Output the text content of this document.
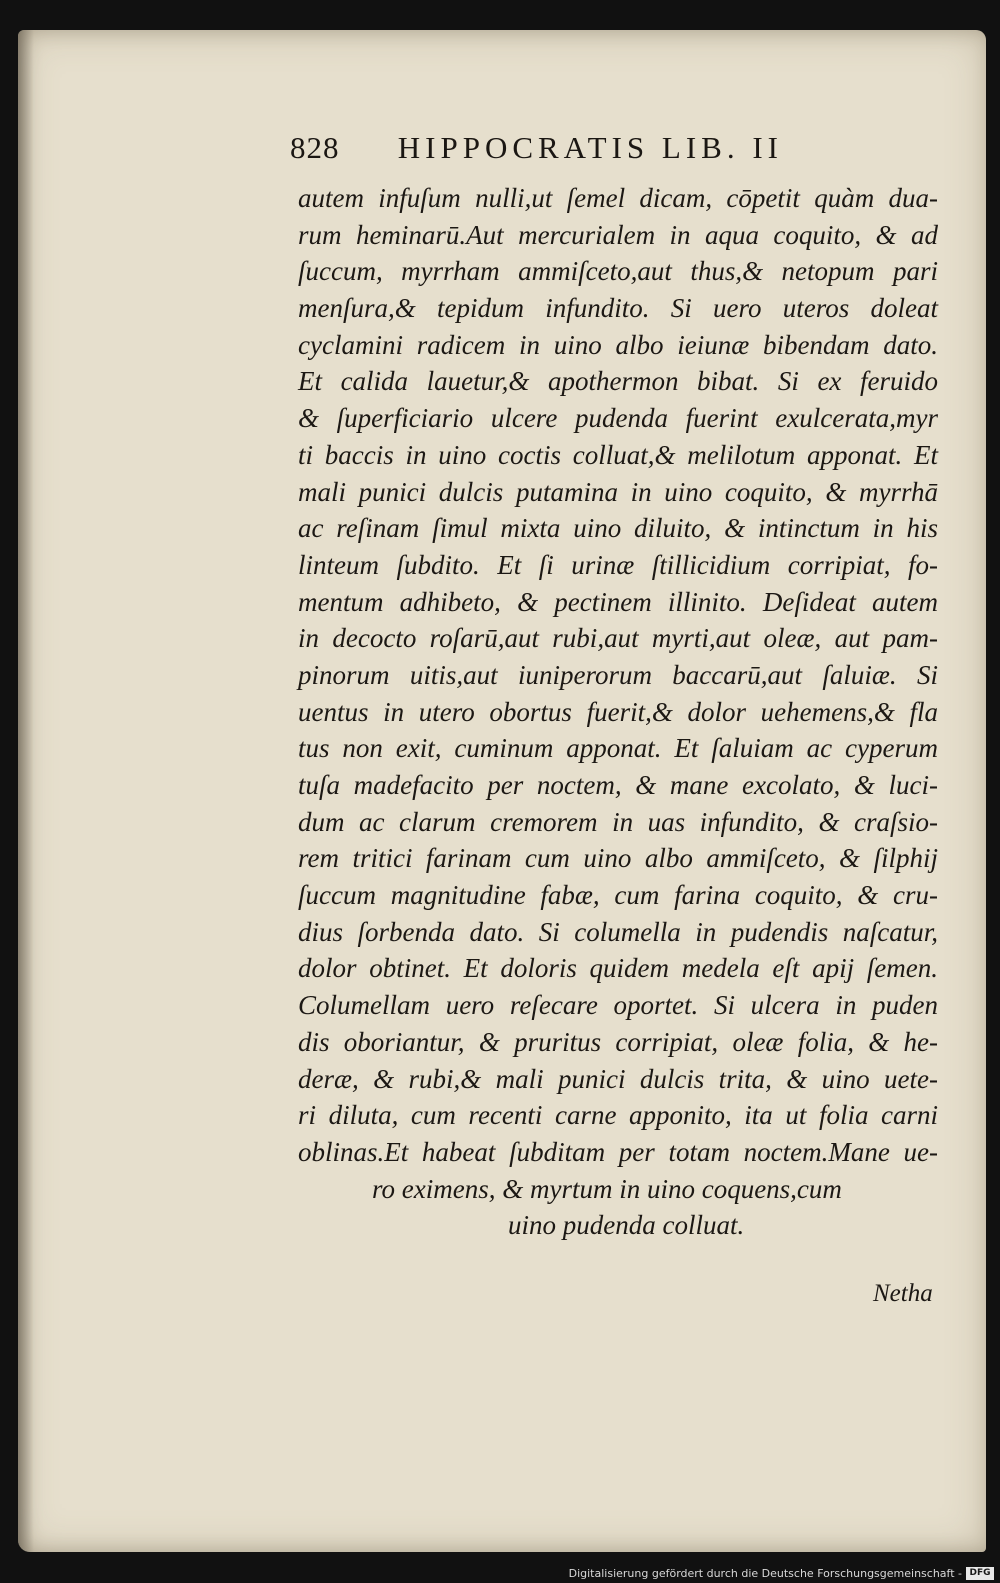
828 HIPPOCRATIS LIB. II
autem infuſum nulli,ut ſemel dicam, cōpetit quàm dua-
rum heminarū.Aut mercurialem in aqua coquito, & ad
ſuccum, myrrham ammiſceto,aut thus,& netopum pari
menſura,& tepidum infundito. Si uero uteros doleat
cyclamini radicem in uino albo ieiunæ bibendam dato.
Et calida lauetur,& apothermon bibat. Si ex feruido
& ſuperficiario ulcere pudenda fuerint exulcerata,myr
ti baccis in uino coctis colluat,& melilotum apponat. Et
mali punici dulcis putamina in uino coquito, & myrrhā
ac reſinam ſimul mixta uino diluito, & intinctum in his
linteum ſubdito. Et ſi urinæ ſtillicidium corripiat, fo-
mentum adhibeto, & pectinem illinito. Deſideat autem
in decocto roſarū,aut rubi,aut myrti,aut oleæ, aut pam-
pinorum uitis,aut iuniperorum baccarū,aut ſaluiæ. Si
uentus in utero obortus fuerit,& dolor uehemens,& fla
tus non exit, cuminum apponat. Et ſaluiam ac cyperum
tuſa madefacito per noctem, & mane excolato, & luci-
dum ac clarum cremorem in uas infundito, & craſsio-
rem tritici farinam cum uino albo ammiſceto, & ſilphij
ſuccum magnitudine fabæ, cum farina coquito, & cru-
dius ſorbenda dato. Si columella in pudendis naſcatur,
dolor obtinet. Et doloris quidem medela eſt apij ſemen.
Columellam uero reſecare oportet. Si ulcera in puden
dis oboriantur, & pruritus corripiat, oleæ folia, & he-
deræ, & rubi,& mali punici dulcis trita, & uino uete-
ri diluta, cum recenti carne apponito, ita ut folia carni
oblinas.Et habeat ſubditam per totam noctem.Mane ue-
ro eximens, & myrtum in uino coquens,cum
uino pudenda colluat.
Netha
Digitalisierung gefördert durch die Deutsche Forschungsgemeinschaft - DFG
